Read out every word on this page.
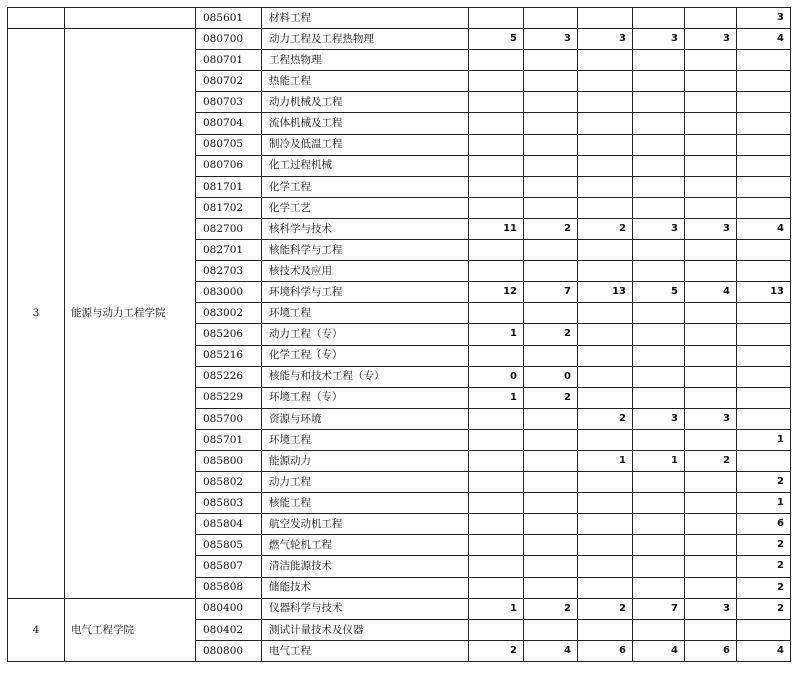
		085601	材料工程						3
3	能源与动力工程学院	080700	动力工程及工程热物理	5	3	3	3	3	4
		080701	工程热物理						
		080702	热能工程						
		080703	动力机械及工程						
		080704	流体机械及工程						
		080705	制冷及低温工程						
		080706	化工过程机械						
		081701	化学工程						
		081702	化学工艺						
		082700	核科学与技术	11	2	2	3	3	4
		082701	核能科学与工程						
		082703	核技术及应用						
		083000	环境科学与工程	12	7	13	5	4	13
		083002	环境工程						
		085206	动力工程（专）	1	2				
		085216	化学工程（专）						
		085226	核能与和技术工程（专）	0	0				
		085229	环境工程（专）	1	2				
		085700	资源与环境			2	3	3	
		085701	环境工程						1
		085800	能源动力			1	1	2	
		085802	动力工程						2
		085803	核能工程						1
		085804	航空发动机工程						6
		085805	燃气轮机工程						2
		085807	清洁能源技术						2
		085808	储能技术						2
4	电气工程学院	080400	仪器科学与技术	1	2	2	7	3	2
		080402	测试计量技术及仪器						
		080800	电气工程	2	4	6	4	6	4
